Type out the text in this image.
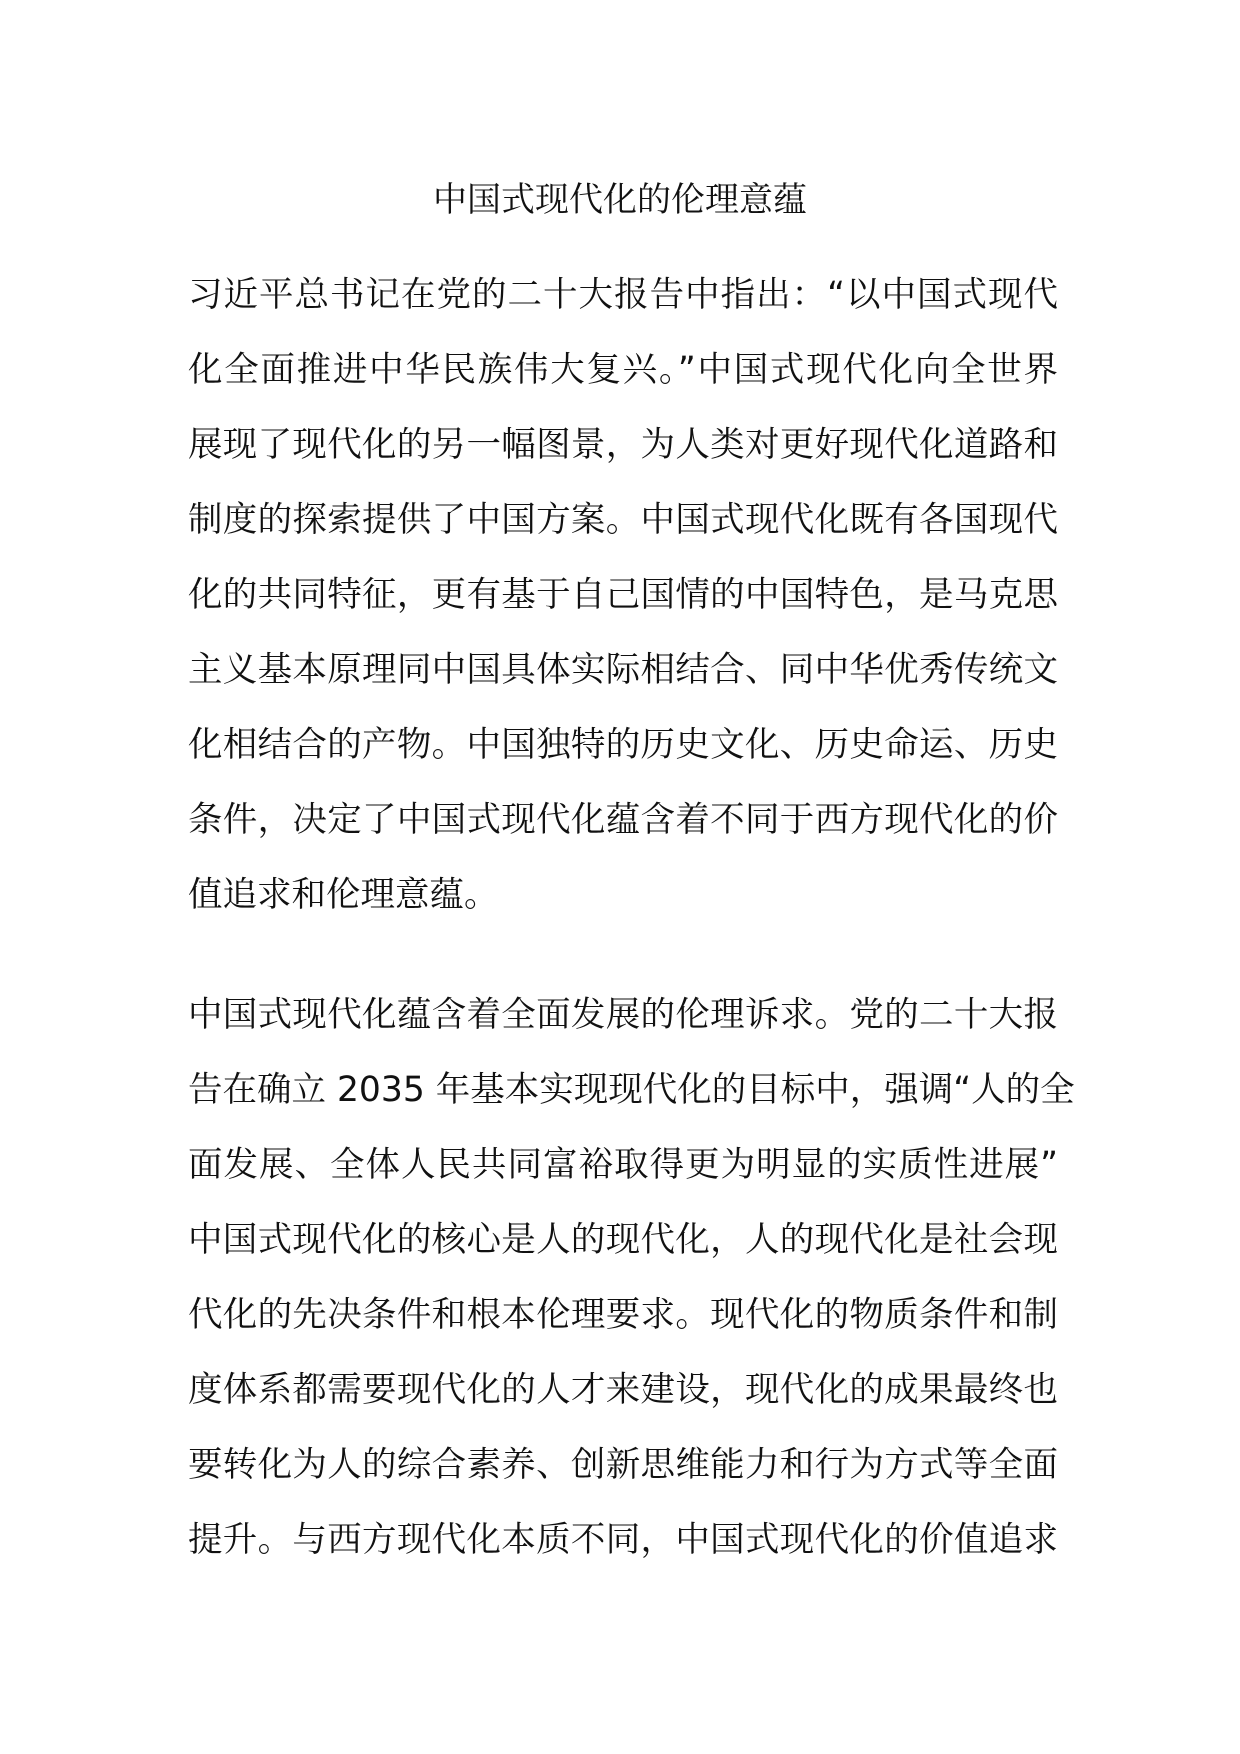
中国式现代化的伦理意蕴
习近平总书记在党的二十大报告中指出：“以中国式现代
化全面推进中华民族伟大复兴。”中国式现代化向全世界
展现了现代化的另一幅图景，为人类对更好现代化道路和
制度的探索提供了中国方案。中国式现代化既有各国现代
化的共同特征，更有基于自己国情的中国特色，是马克思
主义基本原理同中国具体实际相结合、同中华优秀传统文
化相结合的产物。中国独特的历史文化、历史命运、历史
条件，决定了中国式现代化蕴含着不同于西方现代化的价
值追求和伦理意蕴。
中国式现代化蕴含着全面发展的伦理诉求。党的二十大报
告在确立 2035 年基本实现现代化的目标中，强调“人的全
面发展、全体人民共同富裕取得更为明显的实质性进展”
中国式现代化的核心是人的现代化，人的现代化是社会现
代化的先决条件和根本伦理要求。现代化的物质条件和制
度体系都需要现代化的人才来建设，现代化的成果最终也
要转化为人的综合素养、创新思维能力和行为方式等全面
提升。与西方现代化本质不同，中国式现代化的价值追求
